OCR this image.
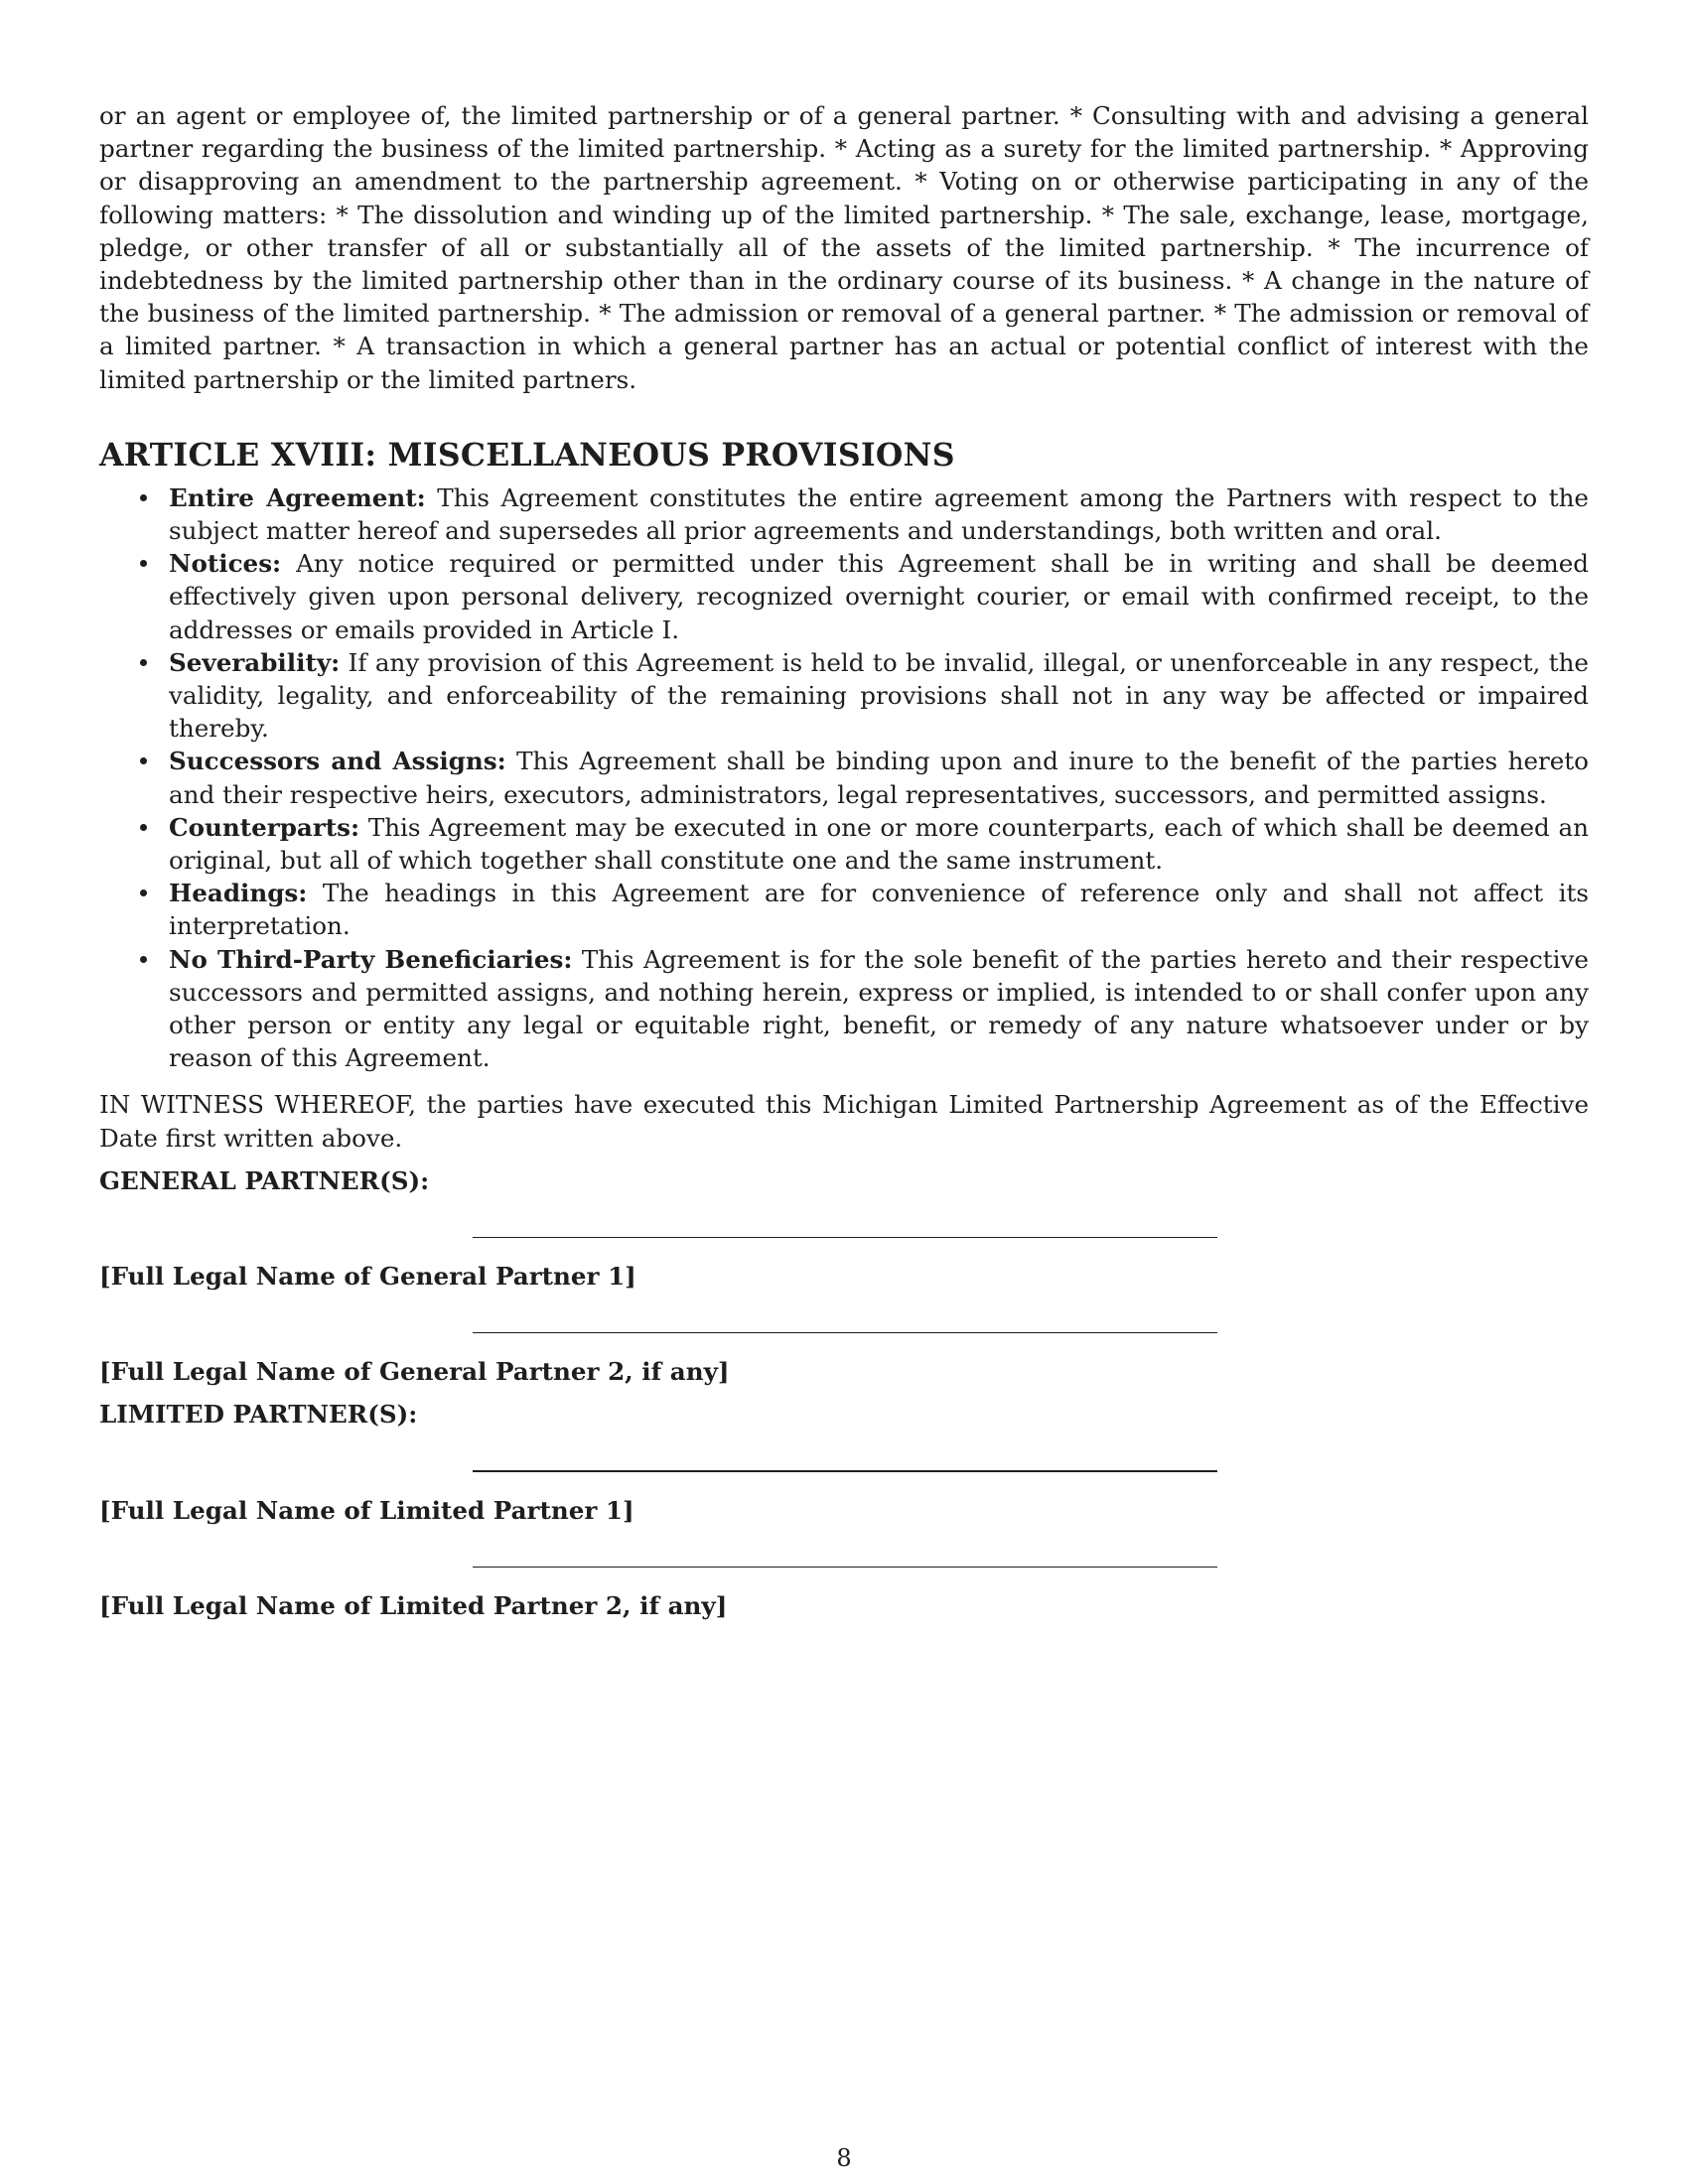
or an agent or employee of, the limited partnership or of a general partner. * Consulting with and advising a general partner regarding the business of the limited partnership. * Acting as a surety for the limited partnership. * Approving or disapproving an amendment to the partnership agreement. * Voting on or otherwise participating in any of the following matters: * The dissolution and winding up of the limited partnership. * The sale, exchange, lease, mortgage, pledge, or other transfer of all or substantially all of the assets of the limited partnership. * The incurrence of indebtedness by the limited partnership other than in the ordinary course of its business. * A change in the nature of the business of the limited partnership. * The admission or removal of a general partner. * The admission or removal of a limited partner. * A transaction in which a general partner has an actual or potential conflict of interest with the limited partnership or the limited partners.

ARTICLE XVIII: MISCELLANEOUS PROVISIONS
Entire Agreement: This Agreement constitutes the entire agreement among the Partners with respect to the subject matter hereof and supersedes all prior agreements and understandings, both written and oral.
Notices: Any notice required or permitted under this Agreement shall be in writing and shall be deemed effectively given upon personal delivery, recognized overnight courier, or email with confirmed receipt, to the addresses or emails provided in Article I.
Severability: If any provision of this Agreement is held to be invalid, illegal, or unenforceable in any respect, the validity, legality, and enforceability of the remaining provisions shall not in any way be affected or impaired thereby.
Successors and Assigns: This Agreement shall be binding upon and inure to the benefit of the parties hereto and their respective heirs, executors, administrators, legal representatives, successors, and permitted assigns.
Counterparts: This Agreement may be executed in one or more counterparts, each of which shall be deemed an original, but all of which together shall constitute one and the same instrument.
Headings: The headings in this Agreement are for convenience of reference only and shall not affect its interpretation.
No Third-Party Beneficiaries: This Agreement is for the sole benefit of the parties hereto and their respective successors and permitted assigns, and nothing herein, express or implied, is intended to or shall confer upon any other person or entity any legal or equitable right, benefit, or remedy of any nature whatsoever under or by reason of this Agreement.

IN WITNESS WHEREOF, the parties have executed this Michigan Limited Partnership Agreement as of the Effective Date first written above.

GENERAL PARTNER(S):
[Full Legal Name of General Partner 1]
[Full Legal Name of General Partner 2, if any]
LIMITED PARTNER(S):
[Full Legal Name of Limited Partner 1]
[Full Legal Name of Limited Partner 2, if any]
8
